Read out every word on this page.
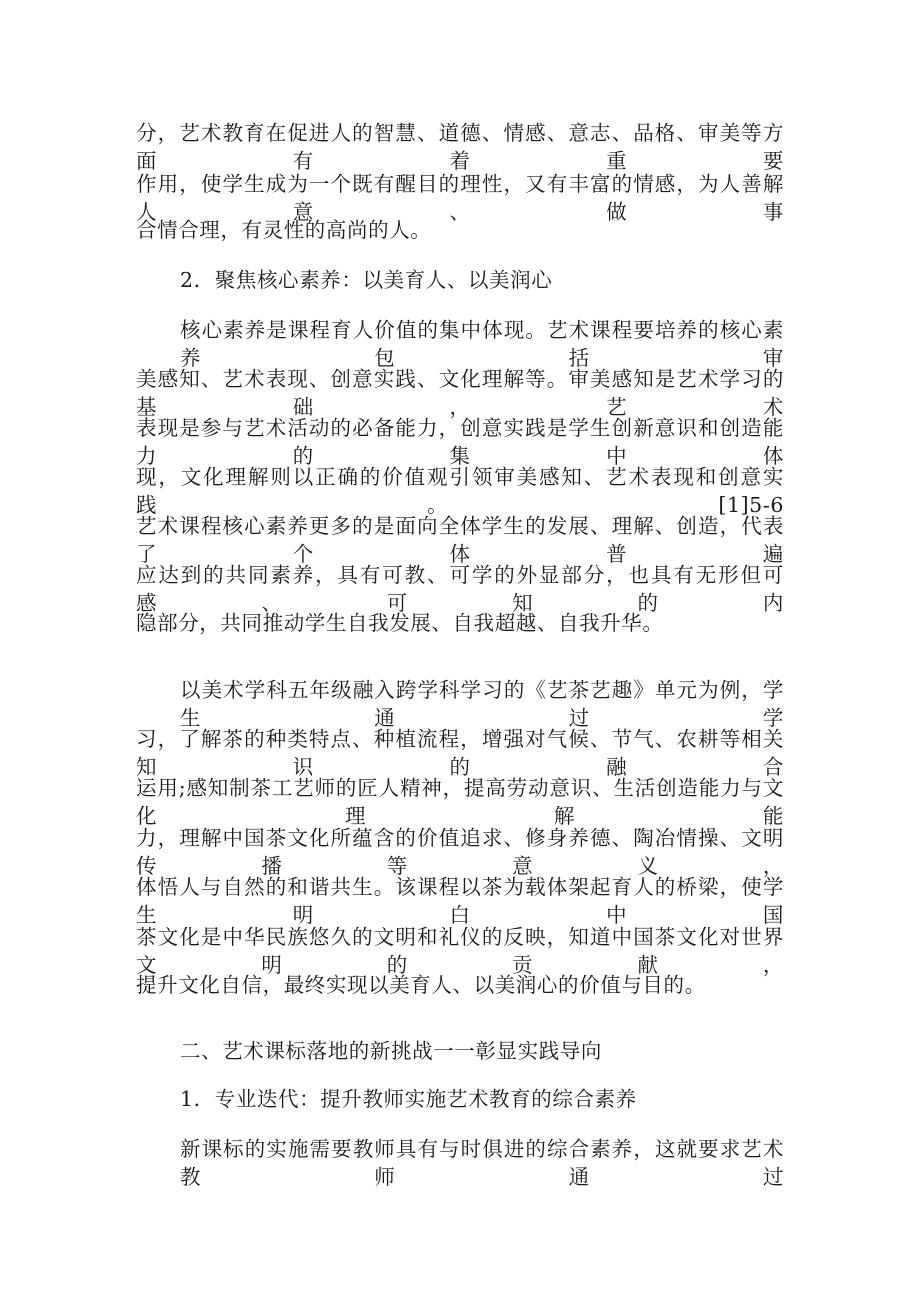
分，艺术教育在促进人的智慧、道德、情感、意志、品格、审美等方面有着重要
作用，使学生成为一个既有醒目的理性，又有丰富的情感，为人善解人意、做事
合情合理，有灵性的高尚的人。
2．聚焦核心素养：以美育人、以美润心
核心素养是课程育人价值的集中体现。艺术课程要培养的核心素养包括审
美感知、艺术表现、创意实践、文化理解等。审美感知是艺术学习的基础，艺术
表现是参与艺术活动的必备能力，创意实践是学生创新意识和创造能力的集中体
现，文化理解则以正确的价值观引领审美感知、艺术表现和创意实践。[1]5-6
艺术课程核心素养更多的是面向全体学生的发展、理解、创造，代表了个体普遍
应达到的共同素养，具有可教、可学的外显部分，也具有无形但可感、可知的内
隐部分，共同推动学生自我发展、自我超越、自我升华。
以美术学科五年级融入跨学科学习的《艺茶艺趣》单元为例，学生通过学
习，了解茶的种类特点、种植流程，增强对气候、节气、农耕等相关知识的融合
运用;感知制茶工艺师的匠人精神，提高劳动意识、生活创造能力与文化理解能
力，理解中国茶文化所蕴含的价值追求、修身养德、陶冶情操、文明传播等意义，
体悟人与自然的和谐共生。该课程以茶为载体架起育人的桥梁，使学生明白中国
茶文化是中华民族悠久的文明和礼仪的反映，知道中国茶文化对世界文明的贡献，
提升文化自信，最终实现以美育人、以美润心的价值与目的。
二、艺术课标落地的新挑战一一彰显实践导向
1．专业迭代：提升教师实施艺术教育的综合素养
新课标的实施需要教师具有与时俱进的综合素养，这就要求艺术教师通过
